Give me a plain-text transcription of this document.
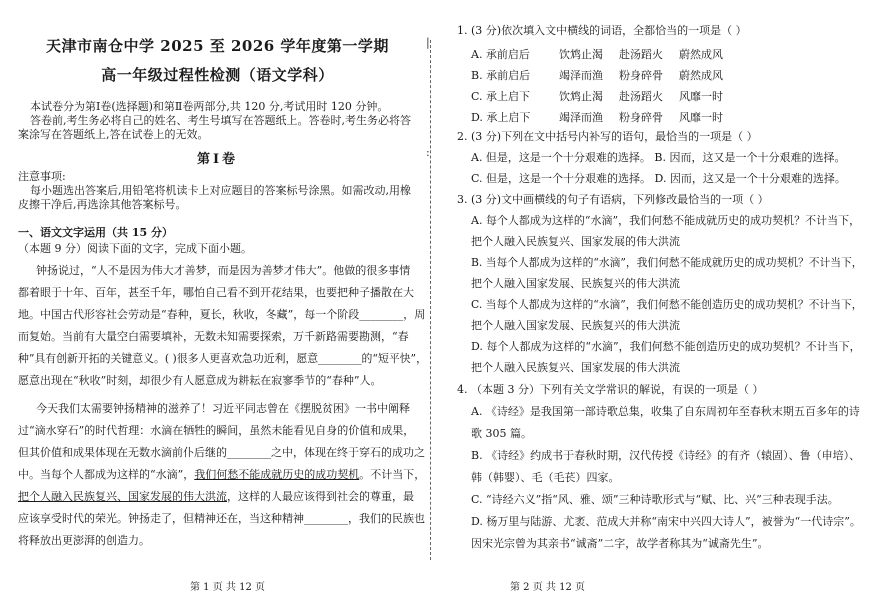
天津市南仓中学 2025 至 2026 学年度第一学期
高一年级过程性检测（语文学科）
本试卷分为第Ⅰ卷(选择题)和第Ⅱ卷两部分,共 120 分,考试用时 120 分钟。
答卷前,考生务必将自己的姓名、考生号填写在答题纸上。答卷时,考生务必将答
案涂写在答题纸上,答在试卷上的无效。
第Ⅰ卷
注意事项:
每小题选出答案后,用铅笔将机读卡上对应题目的答案标号涂黑。如需改动,用橡
皮擦干净后,再选涂其他答案标号。
一、语文文字运用（共 15 分）
（本题 9 分）阅读下面的文字，完成下面小题。
钟扬说过，“人不是因为伟大才善梦，而是因为善梦才伟大”。他做的很多事情
都着眼于十年、百年，甚至千年，哪怕自己看不到开花结果，也要把种子播散在大
地。中国古代形容社会劳动是“春种，夏长，秋收，冬藏”，每一个阶段________，周
而复始。当前有大量空白需要填补，无数未知需要探索，万千新路需要勘测，“春
种”具有创新开拓的关键意义。( )很多人更喜欢急功近利，愿意________的“短平快”，
愿意出现在“秋收”时刻，却很少有人愿意成为耕耘在寂寥季节的“春种”人。
今天我们太需要钟扬精神的滋养了！习近平同志曾在《摆脱贫困》一书中阐释
过“滴水穿石”的时代哲理：水滴在牺牲的瞬间，虽然未能看见自身的价值和成果，
但其价值和成果体现在无数水滴前仆后继的________之中，体现在终于穿石的成功之
中。当每个人都成为这样的“水滴”，我们何愁不能成就历史的成功契机。不计当下，
把个人融入民族复兴、国家发展的伟大洪流，这样的人最应该得到社会的尊重，最
应该享受时代的荣光。钟扬走了，但精神还在，当这种精神________，我们的民族也
将释放出更澎湃的创造力。
第 1 页 共 12 页
|
:
1. (3 分)依次填入文中横线的词语，全都恰当的一项是（ ）
A. 承前启后	饮鸩止渴 赴汤蹈火 蔚然成风
B. 承前启后	竭泽而渔 粉身碎骨 蔚然成风
C. 承上启下	饮鸩止渴 赴汤蹈火 风靡一时
D. 承上启下	竭泽而渔 粉身碎骨 风靡一时
2. (3 分)下列在文中括号内补写的语句，最恰当的一项是（ ）
A. 但是，这是一个十分艰难的选择。 B. 因而，这又是一个十分艰难的选择。
C. 但是，这是一个十分艰难的选择。 D. 因而，这又是一个十分艰难的选择。
3. (3 分)文中画横线的句子有语病，下列修改最恰当的一项（ ）
A. 每个人都成为这样的“水滴”，我们何愁不能成就历史的成功契机？不计当下，
把个人融入民族复兴、国家发展的伟大洪流
B. 当每个人都成为这样的“水滴”，我们何愁不能成就历史的成功契机？不计当下，
把个人融入国家发展、民族复兴的伟大洪流
C. 当每个人都成为这样的“水滴”，我们何愁不能创造历史的成功契机？不计当下，
把个人融入国家发展、民族复兴的伟大洪流
D. 每个人都成为这样的“水滴”，我们何愁不能创造历史的成功契机？不计当下，
把个人融入民族复兴、国家发展的伟大洪流
4. （本题 3 分）下列有关文学常识的解说，有误的一项是（ ）
A. 《诗经》是我国第一部诗歌总集，收集了自东周初年至春秋末期五百多年的诗
歌 305 篇。
B. 《诗经》约成书于春秋时期，汉代传授《诗经》的有齐（辕固）、鲁（申培）、
韩（韩婴）、毛（毛苌）四家。
C. “诗经六义”指“风、雅、颂”三种诗歌形式与“赋、比、兴”三种表现手法。
D. 杨万里与陆游、尤袤、范成大并称“南宋中兴四大诗人”，被誉为“一代诗宗”。
因宋光宗曾为其亲书“诚斋”二字，故学者称其为“诚斋先生”。
第 2 页 共 12 页
